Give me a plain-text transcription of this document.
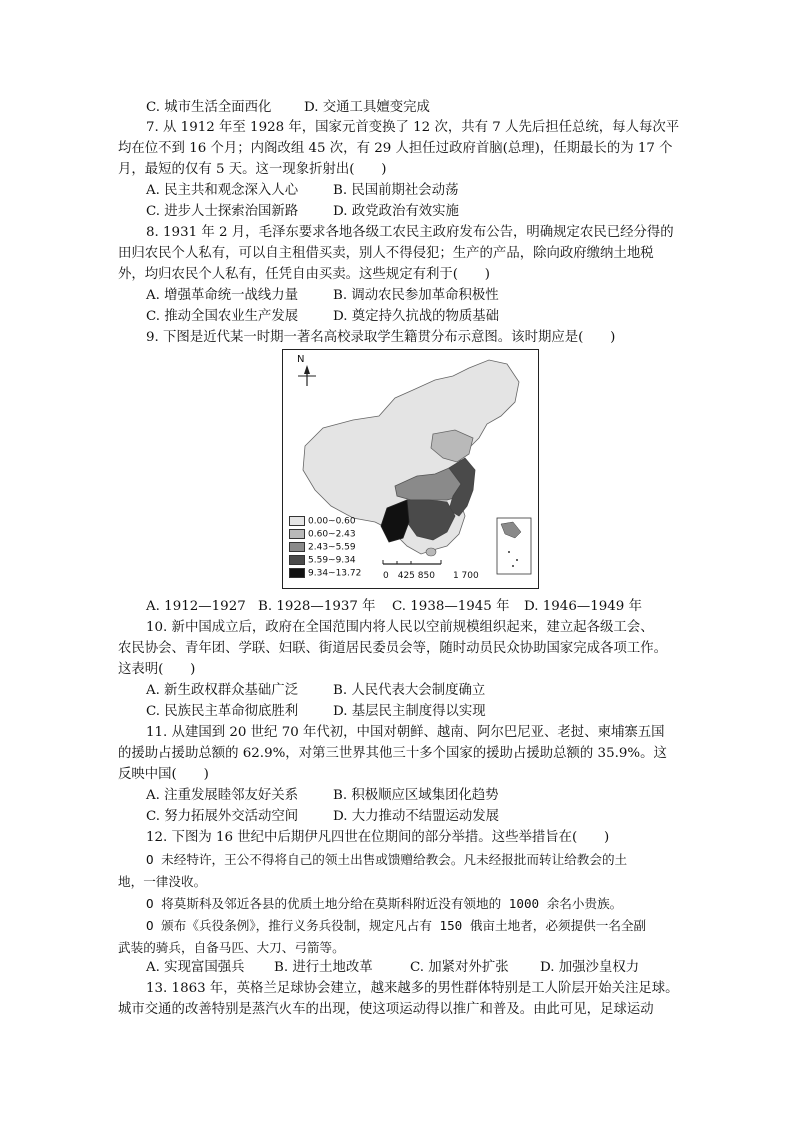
C. 城市生活全面西化 D. 交通工具嬗变完成
7. 从 1912 年至 1928 年，国家元首变换了 12 次，共有 7 人先后担任总统，每人每次平
均在位不到 16 个月；内阁改组 45 次，有 29 人担任过政府首脑(总理)，任期最长的为 17 个
月，最短的仅有 5 天。这一现象折射出(　　)
A. 民主共和观念深入人心	B. 民国前期社会动荡
C. 进步人士探索治国新路	D. 政党政治有效实施
8. 1931 年 2 月，毛泽东要求各地各级工农民主政府发布公告，明确规定农民已经分得的
田归农民个人私有，可以自主租借买卖，别人不得侵犯；生产的产品，除向政府缴纳土地税
外，均归农民个人私有，任凭自由买卖。这些规定有利于(　　)
A. 增强革命统一战线力量	B. 调动农民参加革命积极性
C. 推动全国农业生产发展	D. 奠定持久抗战的物质基础
9. 下图是近代某一时期一著名高校录取学生籍贯分布示意图。该时期应是(　　)
N
0.00~0.60
0.60~2.43
2.43~5.59
5.59~9.34
9.34~13.72 0　425 850　　1 700
A. 1912—1927 B. 1928—1937 年 C. 1938—1945 年 D. 1946—1949 年
10. 新中国成立后，政府在全国范围内将人民以空前规模组织起来，建立起各级工会、
农民协会、青年团、学联、妇联、街道居民委员会等，随时动员民众协助国家完成各项工作。
这表明(　　)
A. 新生政权群众基础广泛	B. 人民代表大会制度确立
C. 民族民主革命彻底胜利	D. 基层民主制度得以实现
11. 从建国到 20 世纪 70 年代初，中国对朝鲜、越南、阿尔巴尼亚、老挝、柬埔寨五国
的援助占援助总额的 62.9%，对第三世界其他三十多个国家的援助占援助总额的 35.9%。这
反映中国(　　)
A. 注重发展睦邻友好关系	B. 积极顺应区域集团化趋势
C. 努力拓展外交活动空间	D. 大力推动不结盟运动发展
12. 下图为 16 世纪中后期伊凡四世在位期间的部分举措。这些举措旨在(　　)
O 未经特许，王公不得将自己的领土出售或馈赠给教会。凡未经报批而转让给教会的土
地，一律没收。
O 将莫斯科及邻近各县的优质土地分给在莫斯科附近没有领地的 1000 余名小贵族。
O 颁布《兵役条例》，推行义务兵役制，规定凡占有 150 俄亩土地者，必须提供一名全副
武装的骑兵，自备马匹、大刀、弓箭等。
A. 实现富国强兵 B. 进行土地改革	C. 加紧对外扩张 D. 加强沙皇权力
13. 1863 年，英格兰足球协会建立，越来越多的男性群体特别是工人阶层开始关注足球。
城市交通的改善特别是蒸汽火车的出现，使这项运动得以推广和普及。由此可见，足球运动
